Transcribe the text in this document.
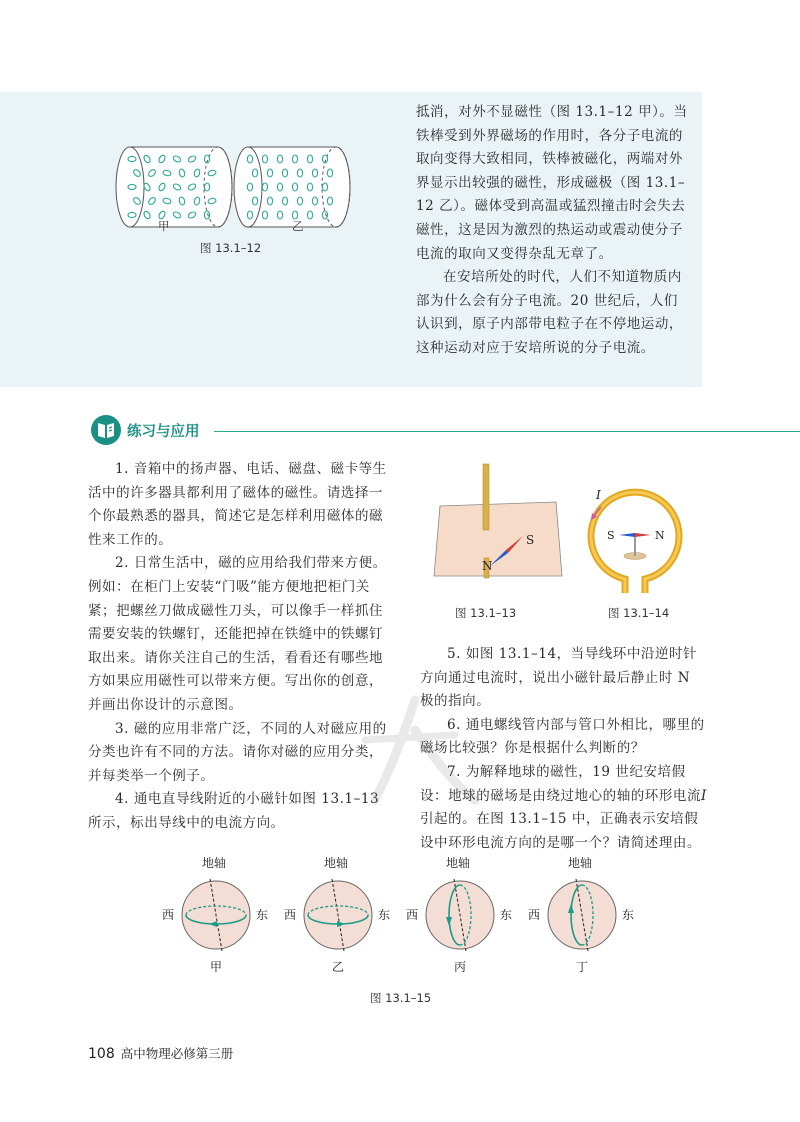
甲	乙
图 13.1–12

抵消，对外不显磁性（图 13.1–12 甲）。当铁棒受到外界磁场的作用时，各分子电流的取向变得大致相同，铁棒被磁化，两端对外界显示出较强的磁性，形成磁极（图 13.1–12 乙）。磁体受到高温或猛烈撞击时会失去磁性，这是因为激烈的热运动或震动使分子电流的取向又变得杂乱无章了。

在安培所处的时代，人们不知道物质内部为什么会有分子电流。20 世纪后，人们认识到，原子内部带电粒子在不停地运动，这种运动对应于安培所说的分子电流。

练习与应用

1. 音箱中的扬声器、电话、磁盘、磁卡等生活中的许多器具都利用了磁体的磁性。请选择一个你最熟悉的器具，简述它是怎样利用磁体的磁性来工作的。

2. 日常生活中，磁的应用给我们带来方便。例如：在柜门上安装“门吸”能方便地把柜门关紧；把螺丝刀做成磁性刀头，可以像手一样抓住需要安装的铁螺钉，还能把掉在铁缝中的铁螺钉取出来。请你关注自己的生活，看看还有哪些地方如果应用磁性可以带来方便。写出你的创意，并画出你设计的示意图。

3. 磁的应用非常广泛，不同的人对磁应用的分类也许有不同的方法。请你对磁的应用分类，并每类举一个例子。

4. 通电直导线附近的小磁针如图 13.1–13 所示，标出导线中的电流方向。

N
S
图 13.1–13
I
S	N
图 13.1–14

5. 如图 13.1–14，当导线环中沿逆时针方向通过电流时，说出小磁针最后静止时 N 极的指向。

6. 通电螺线管内部与管口外相比，哪里的磁场比较强？你是根据什么判断的？

7. 为解释地球的磁性，19 世纪安培假设：地球的磁场是由绕过地心的轴的环形电流I引起的。在图 13.1–15 中，正确表示安培假设中环形电流方向的是哪一个？请简述理由。

地轴
西	东
甲
地轴
西	东
乙
地轴
西	东
丙
地轴
西	东
丁
图 13.1–15
108 高中物理必修第三册
